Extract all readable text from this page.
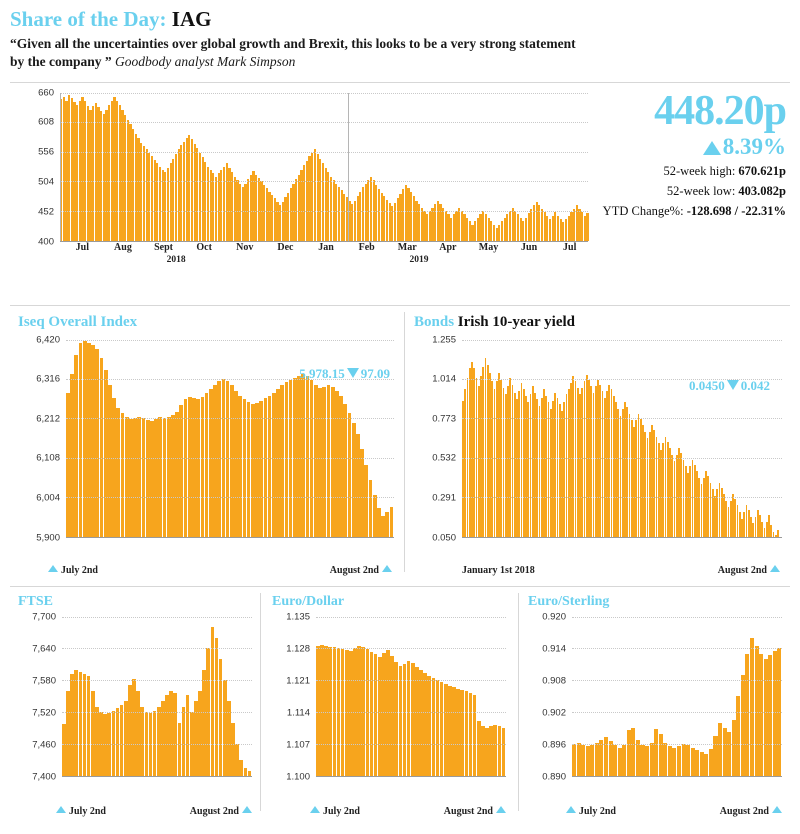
Share of the Day: IAG
“Given all the uncertainties over global growth and Brexit, this looks to be a very strong statement by the company ” Goodbody analyst Mark Simpson
400
452
504
556
608
660
Jul	Aug Sept Oct Nov Dec Jan Feb Mar Apr May Jun	Jul
2018	2019
448.20p
8.39%
52-week high: 670.621p
52-week low: 403.082p
YTD Change%: -128.698 / -22.31%
Iseq Overall Index
5,900
6,004
6,108
6,212
6,316
6,420
5,978.15 97.09
July 2nd	August 2nd
Bonds Irish 10-year yield
0.050
0.291
0.532
0.773
1.014
1.255
0.0450 0.042
January 1st 2018	August 2nd
FTSE
7,400
7,460
7,520
7,580
7,640
7,700
July 2nd	August 2nd
Euro/Dollar
1.100
1.107
1.114
1.121
1.128
1.135
July 2nd	August 2nd
Euro/Sterling
0.890
0.896
0.902
0.908
0.914
0.920
July 2nd	August 2nd
